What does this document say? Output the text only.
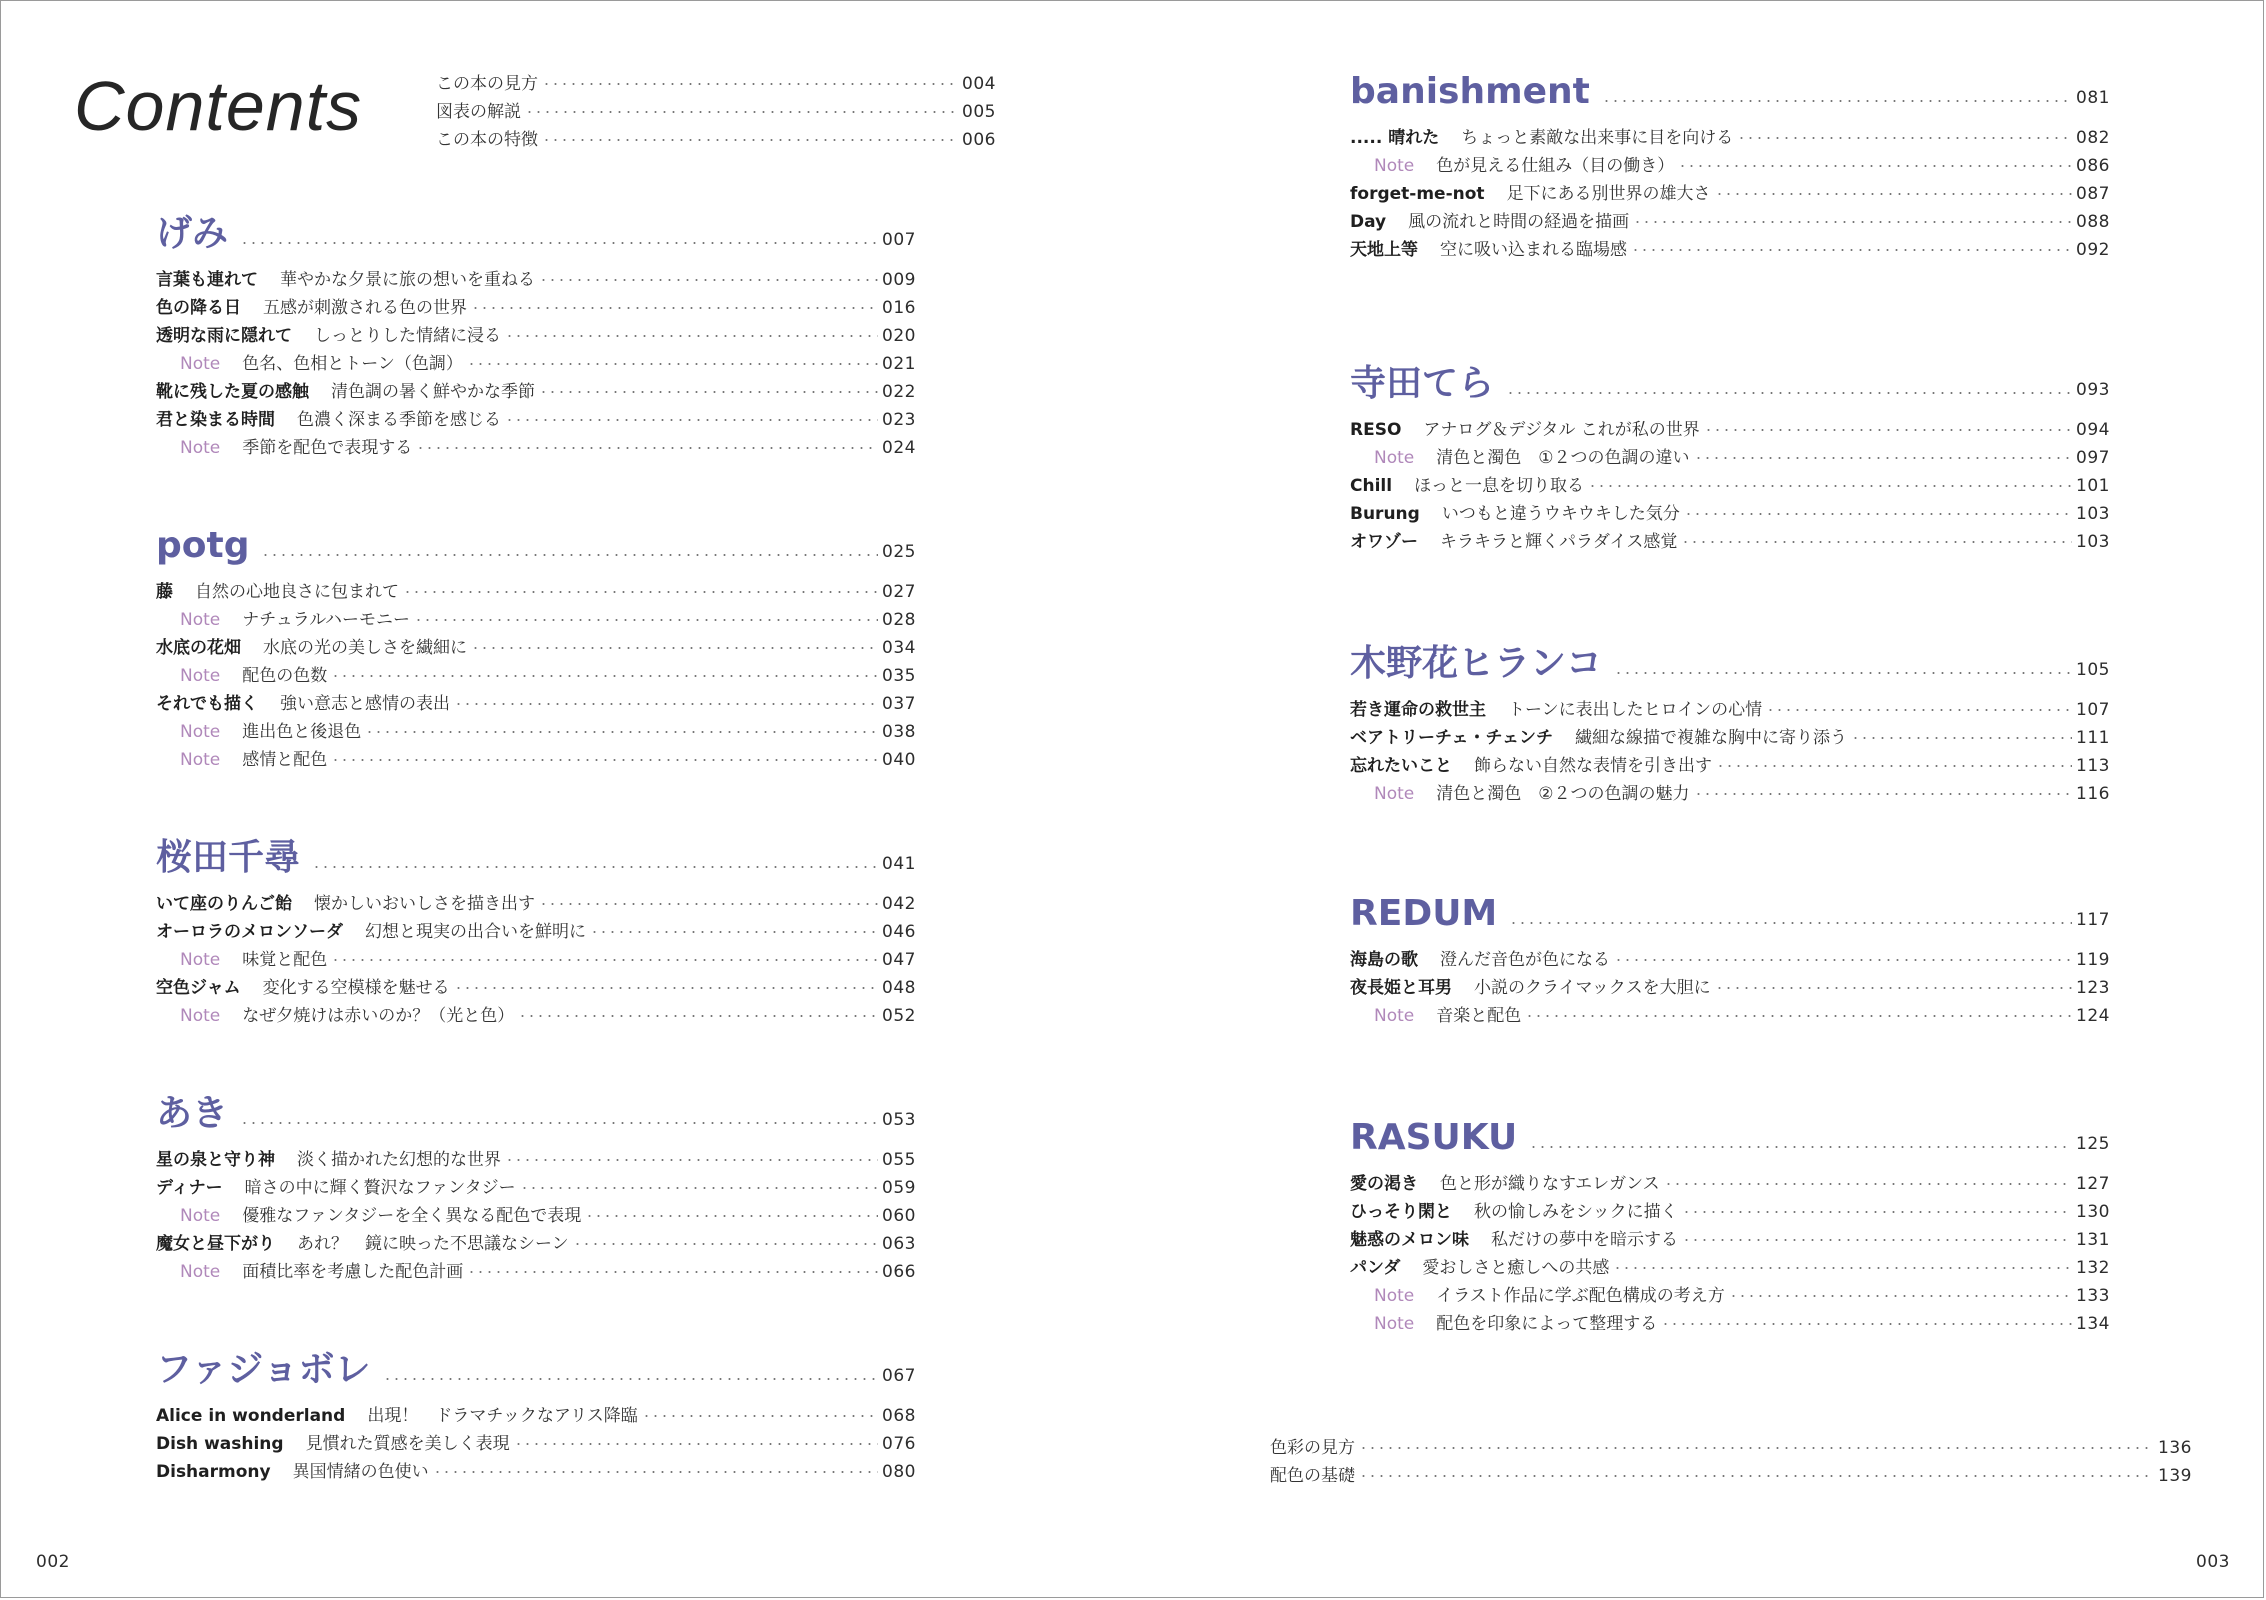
Contents	この本の見方	004
図表の解説	005
この本の特徴	006
げみ	007
言葉も連れて	華やかな夕景に旅の想いを重ねる	009
色の降る日	五感が刺激される色の世界	016
透明な雨に隠れて	しっとりした情緒に浸る	020
Note	色名、色相とトーン（色調）	021
靴に残した夏の感触	清色調の暑く鮮やかな季節	022
君と染まる時間	色濃く深まる季節を感じる	023
Note	季節を配色で表現する	024
potg	025
藤	自然の心地良さに包まれて	027
Note	ナチュラルハーモニー	028
水底の花畑	水底の光の美しさを繊細に	034
Note	配色の色数	035
それでも描く	強い意志と感情の表出	037
Note	進出色と後退色	038
Note	感情と配色	040
桜田千尋	041
いて座のりんご飴	懐かしいおいしさを描き出す	042
オーロラのメロンソーダ	幻想と現実の出合いを鮮明に	046
Note	味覚と配色	047
空色ジャム	変化する空模様を魅せる	048
Note	なぜ夕焼けは赤いのか？（光と色）	052
あき	053
星の泉と守り神	淡く描かれた幻想的な世界	055
ディナー	暗さの中に輝く贅沢なファンタジー	059
Note	優雅なファンタジーを全く異なる配色で表現	060
魔女と昼下がり	あれ？　鏡に映った不思議なシーン	063
Note	面積比率を考慮した配色計画	066
ファジョボレ	067
Alice in wonderland	出現！　ドラマチックなアリス降臨	068
Dish washing	見慣れた質感を美しく表現	076
Disharmony	異国情緒の色使い	080
banishment	081
..... 晴れた	ちょっと素敵な出来事に目を向ける	082
Note	色が見える仕組み（目の働き）	086
forget-me-not	足下にある別世界の雄大さ	087
Day	風の流れと時間の経過を描画	088
天地上等	空に吸い込まれる臨場感	092
寺田てら	093
RESO	アナログ＆デジタル これが私の世界	094
Note	清色と濁色　①２つの色調の違い	097
Chill	ほっと一息を切り取る	101
Burung	いつもと違うウキウキした気分	103
オワゾー	キラキラと輝くパラダイス感覚	103
木野花ヒランコ	105
若き運命の救世主	トーンに表出したヒロインの心情	107
ベアトリーチェ・チェンチ	繊細な線描で複雑な胸中に寄り添う	111
忘れたいこと	飾らない自然な表情を引き出す	113
Note	清色と濁色　②２つの色調の魅力	116
REDUM	117
海島の歌	澄んだ音色が色になる	119
夜長姫と耳男	小説のクライマックスを大胆に	123
Note	音楽と配色	124
RASUKU	125
愛の渇き	色と形が織りなすエレガンス	127
ひっそり閑と	秋の愉しみをシックに描く	130
魅惑のメロン味	私だけの夢中を暗示する	131
パンダ	愛おしさと癒しへの共感	132
Note	イラスト作品に学ぶ配色構成の考え方	133
Note	配色を印象によって整理する	134
色彩の見方	136
配色の基礎	139
002	003
